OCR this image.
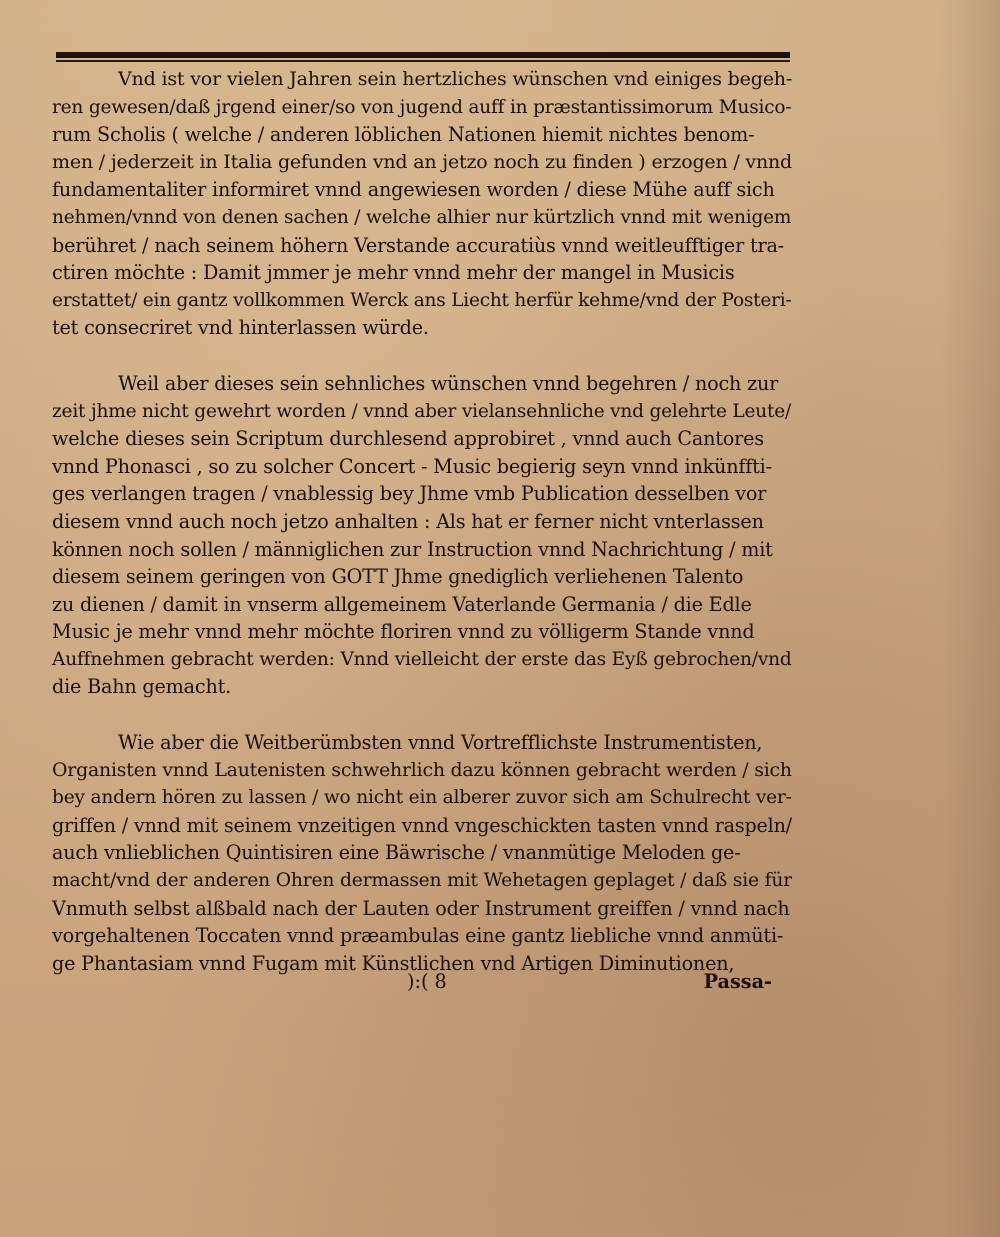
Vnd ist vor vielen Jahren sein hertzliches wünschen vnd einiges begeh-
ren gewesen/daß jrgend einer/so von jugend auff in præstantissimorum Musico-
rum Scholis ( welche / anderen löblichen Nationen hiemit nichtes benom-
men / jederzeit in Italia gefunden vnd an jetzo noch zu finden ) erzogen / vnnd
fundamentaliter informiret vnnd angewiesen worden / diese Mühe auff sich
nehmen/vnnd von denen sachen / welche alhier nur kürtzlich vnnd mit wenigem
berühret / nach seinem höhern Verstande accuratiùs vnnd weitleufftiger tra-
ctiren möchte : Damit jmmer je mehr vnnd mehr der mangel in Musicis
erstattet/ ein gantz vollkommen Werck ans Liecht herfür kehme/vnd der Posteri-
tet consecriret vnd hinterlassen würde.

Weil aber dieses sein sehnliches wünschen vnnd begehren / noch zur
zeit jhme nicht gewehrt worden / vnnd aber vielansehnliche vnd gelehrte Leute/
welche dieses sein Scriptum durchlesend approbiret , vnnd auch Cantores
vnnd Phonasci , so zu solcher Concert - Music begierig seyn vnnd inkünffti-
ges verlangen tragen / vnablessig bey Jhme vmb Publication desselben vor
diesem vnnd auch noch jetzo anhalten : Als hat er ferner nicht vnterlassen
können noch sollen / männiglichen zur Instruction vnnd Nachrichtung / mit
diesem seinem geringen von GOTT Jhme gnediglich verliehenen Talento
zu dienen / damit in vnserm allgemeinem Vaterlande Germania / die Edle
Music je mehr vnnd mehr möchte floriren vnnd zu völligerm Stande vnnd
Auffnehmen gebracht werden: Vnnd vielleicht der erste das Eyß gebrochen/vnd
die Bahn gemacht.

Wie aber die Weitberümbsten vnnd Vortrefflichste Instrumentisten,
Organisten vnnd Lautenisten schwehrlich dazu können gebracht werden / sich
bey andern hören zu lassen / wo nicht ein alberer zuvor sich am Schulrecht ver-
griffen / vnnd mit seinem vnzeitigen vnnd vngeschickten tasten vnnd raspeln/
auch vnlieblichen Quintisiren eine Bäwrische / vnanmütige Meloden ge-
macht/vnd der anderen Ohren dermassen mit Wehetagen geplaget / daß sie für
Vnmuth selbst alßbald nach der Lauten oder Instrument greiffen / vnnd nach
vorgehaltenen Toccaten vnnd præambulas eine gantz liebliche vnnd anmüti-
ge Phantasiam vnnd Fugam mit Künstlichen vnd Artigen Diminutionen,

):( 8	Passa-
